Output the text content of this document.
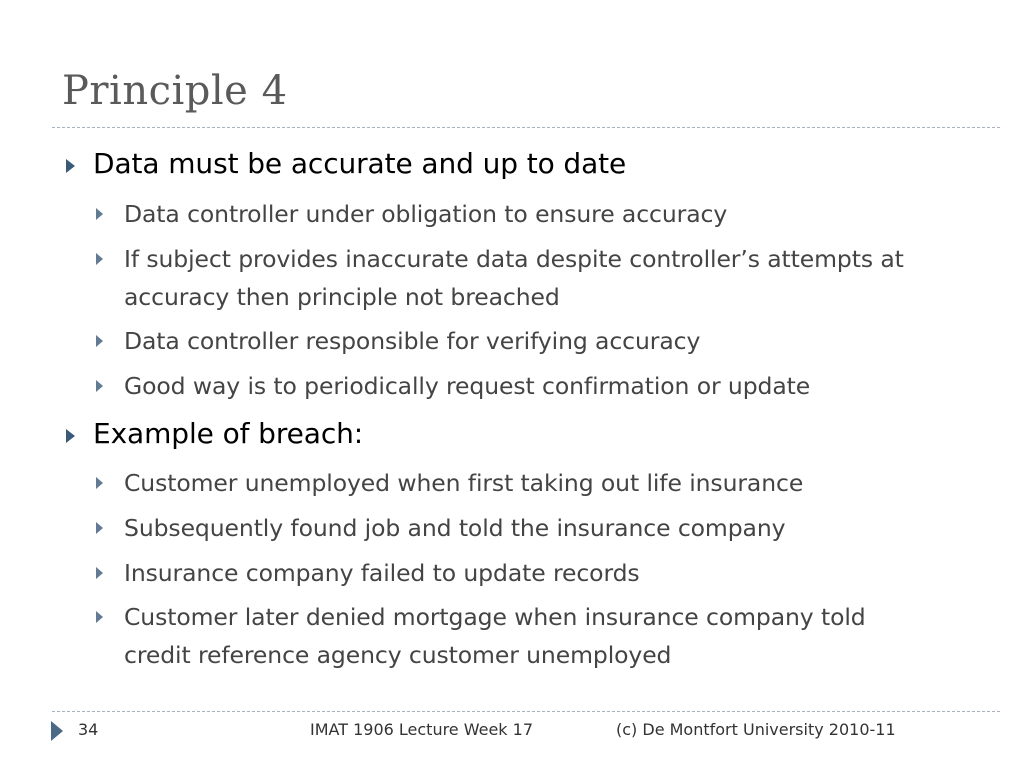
Principle 4
Data must be accurate and up to date
Data controller under obligation to ensure accuracy
If subject provides inaccurate data despite controller’s attempts at
accuracy then principle not breached
Data controller responsible for verifying accuracy
Good way is to periodically request confirmation or update
Example of breach:
Customer unemployed when first taking out life insurance
Subsequently found job and told the insurance company
Insurance company failed to update records
Customer later denied mortgage when insurance company told
credit reference agency customer unemployed
34	IMAT 1906 Lecture Week 17	(c) De Montfort University 2010-11
